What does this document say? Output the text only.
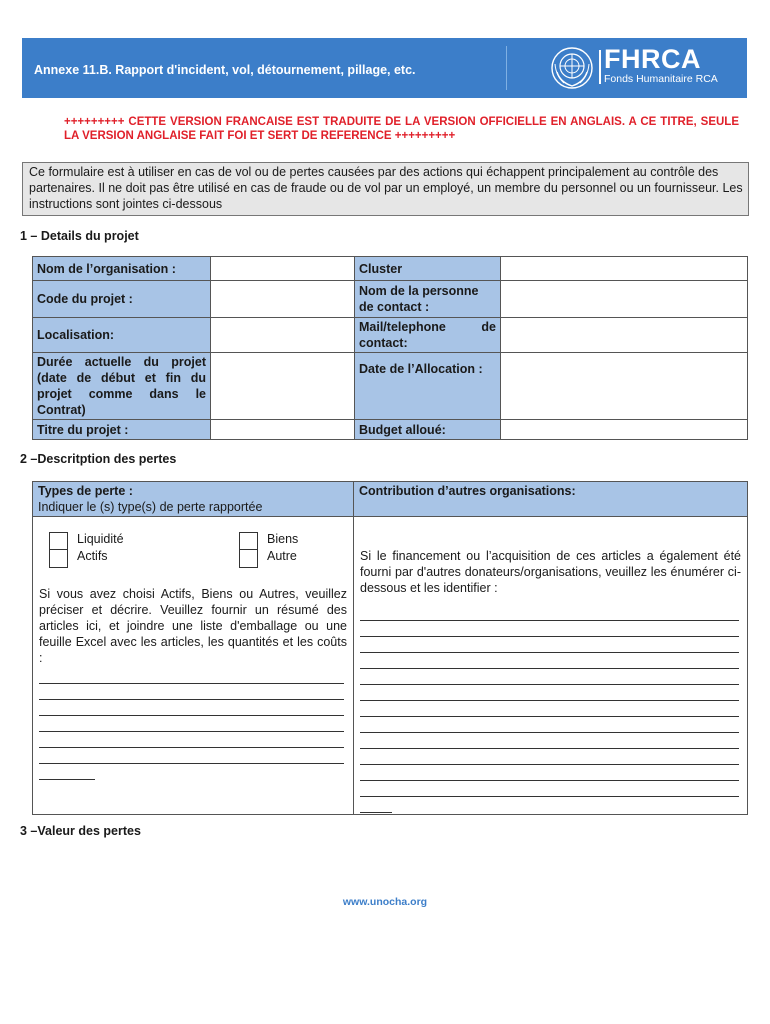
Annexe 11.B. Rapport d'incident, vol, détournement, pillage, etc.	FHRCA
Fonds Humanitaire RCA
+++++++++ CETTE VERSION FRANCAISE EST TRADUITE DE LA VERSION OFFICIELLE EN ANGLAIS. A CE TITRE, SEULE LA VERSION ANGLAISE FAIT FOI ET SERT DE REFERENCE +++++++++
Ce formulaire est à utiliser en cas de vol ou de pertes causées par des actions qui échappent principalement au contrôle des partenaires. Il ne doit pas être utilisé en cas de fraude ou de vol par un employé, un membre du personnel ou un fournisseur. Les instructions sont jointes ci-dessous
1 – Details du projet
Nom de l’organisation :		Cluster	
Code du projet :		Nom de la personne de contact :	
Localisation:		Mail/telephone de contact:	
Durée actuelle du projet (date de début et fin du projet comme dans le Contrat)		Date de l’Allocation :	
Titre du projet :		Budget alloué:	
2 –Descritption des pertes
Types de perte :
Indiquer le (s) type(s) de perte rapportée	Contribution d’autres organisations:

Liquidité
Actifs
Biens
Autre
Si vous avez choisi Actifs, Biens ou Autres, veuillez préciser et décrire. Veuillez fournir un résumé des articles ici, et joindre une liste d'emballage ou une feuille Excel avec les articles, les quantités et les coûts :	Si le financement ou l’acquisition de ces articles a également été fourni par d'autres donateurs/organisations, veuillez les énumérer ci-dessous et les identifier :
3 –Valeur des pertes
www.unocha.org
